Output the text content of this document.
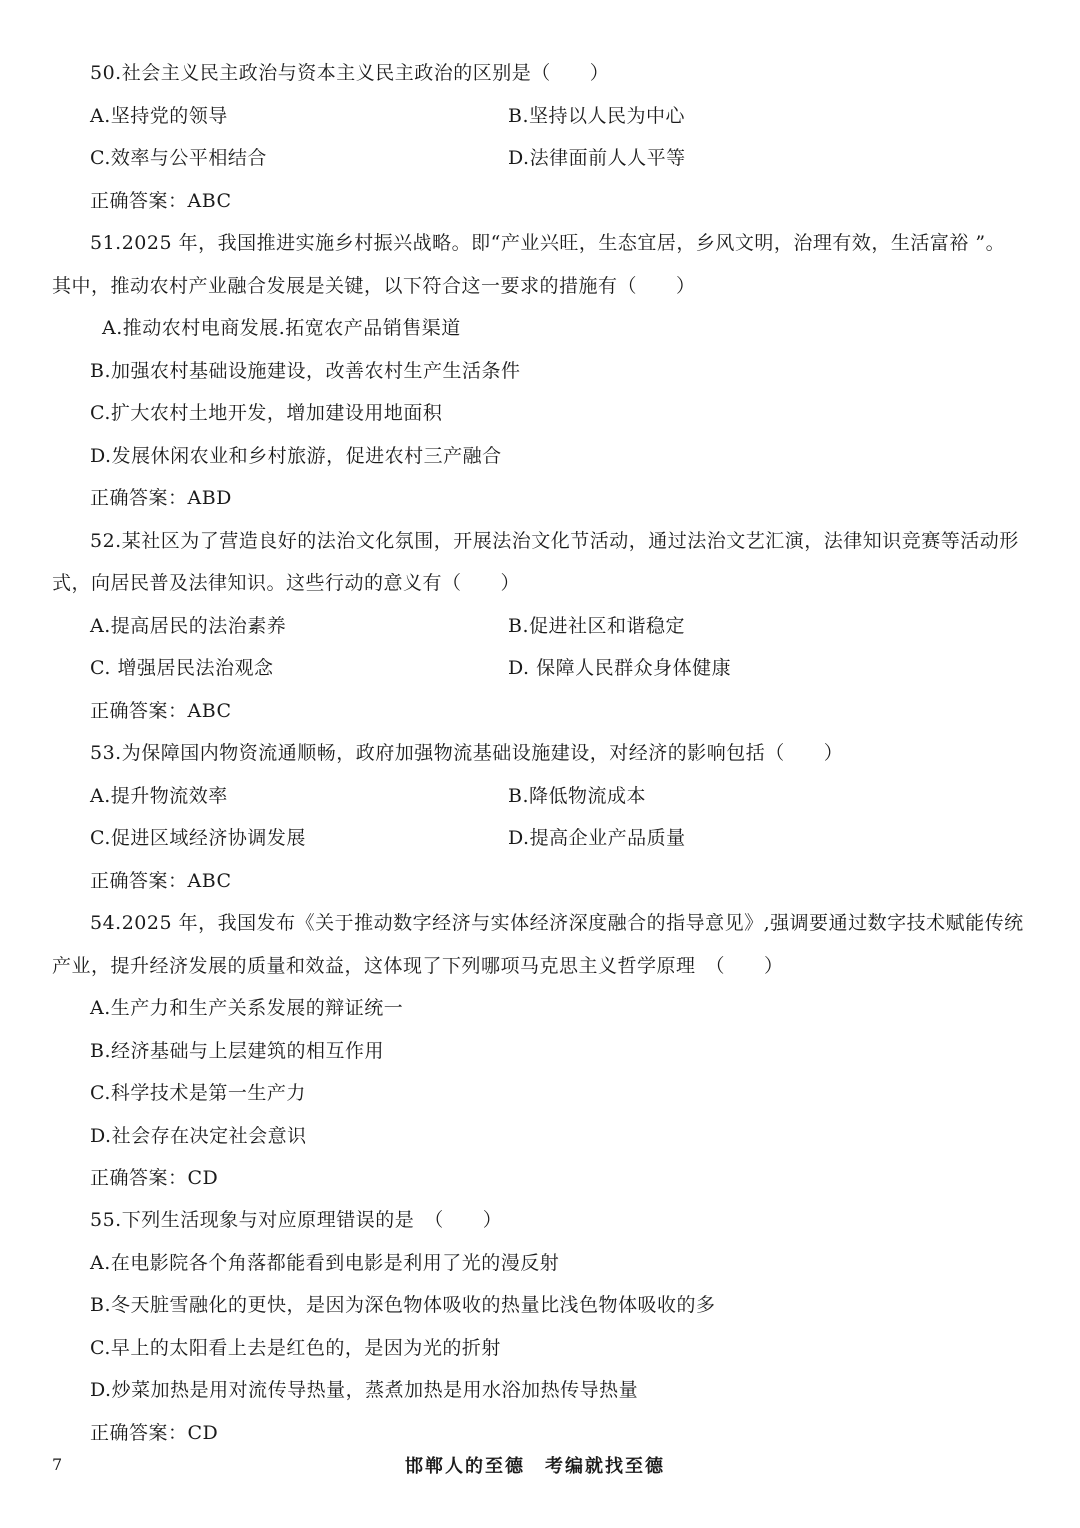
50.社会主义民主政治与资本主义民主政治的区别是（　　）
A.坚持党的领导	B.坚持以人民为中心
C.效率与公平相结合	D.法律面前人人平等
正确答案：ABC
51.2025 年，我国推进实施乡村振兴战略。即“产业兴旺，生态宜居，乡风文明，治理有效，生活富裕 ”。
其中，推动农村产业融合发展是关键，以下符合这一要求的措施有（　　）
A.推动农村电商发展.拓宽农产品销售渠道
B.加强农村基础设施建设，改善农村生产生活条件
C.扩大农村土地开发，增加建设用地面积
D.发展休闲农业和乡村旅游，促进农村三产融合
正确答案：ABD
52.某社区为了营造良好的法治文化氛围，开展法治文化节活动，通过法治文艺汇演，法律知识竞赛等活动形
式，向居民普及法律知识。这些行动的意义有（　　）
A.提高居民的法治素养	B.促进社区和谐稳定
C. 增强居民法治观念	D. 保障人民群众身体健康
正确答案：ABC
53.为保障国内物资流通顺畅，政府加强物流基础设施建设，对经济的影响包括（　　）
A.提升物流效率	B.降低物流成本
C.促进区域经济协调发展	D.提高企业产品质量
正确答案：ABC
54.2025 年，我国发布《关于推动数字经济与实体经济深度融合的指导意见》,强调要通过数字技术赋能传统
产业，提升经济发展的质量和效益，这体现了下列哪项马克思主义哲学原理　（　　）
A.生产力和生产关系发展的辩证统一
B.经济基础与上层建筑的相互作用
C.科学技术是第一生产力
D.社会存在决定社会意识
正确答案：CD
55.下列生活现象与对应原理错误的是　（　　）
A.在电影院各个角落都能看到电影是利用了光的漫反射
B.冬天脏雪融化的更快，是因为深色物体吸收的热量比浅色物体吸收的多
C.早上的太阳看上去是红色的，是因为光的折射
D.炒菜加热是用对流传导热量，蒸煮加热是用水浴加热传导热量
正确答案：CD
7	邯郸人的至德　考编就找至德
